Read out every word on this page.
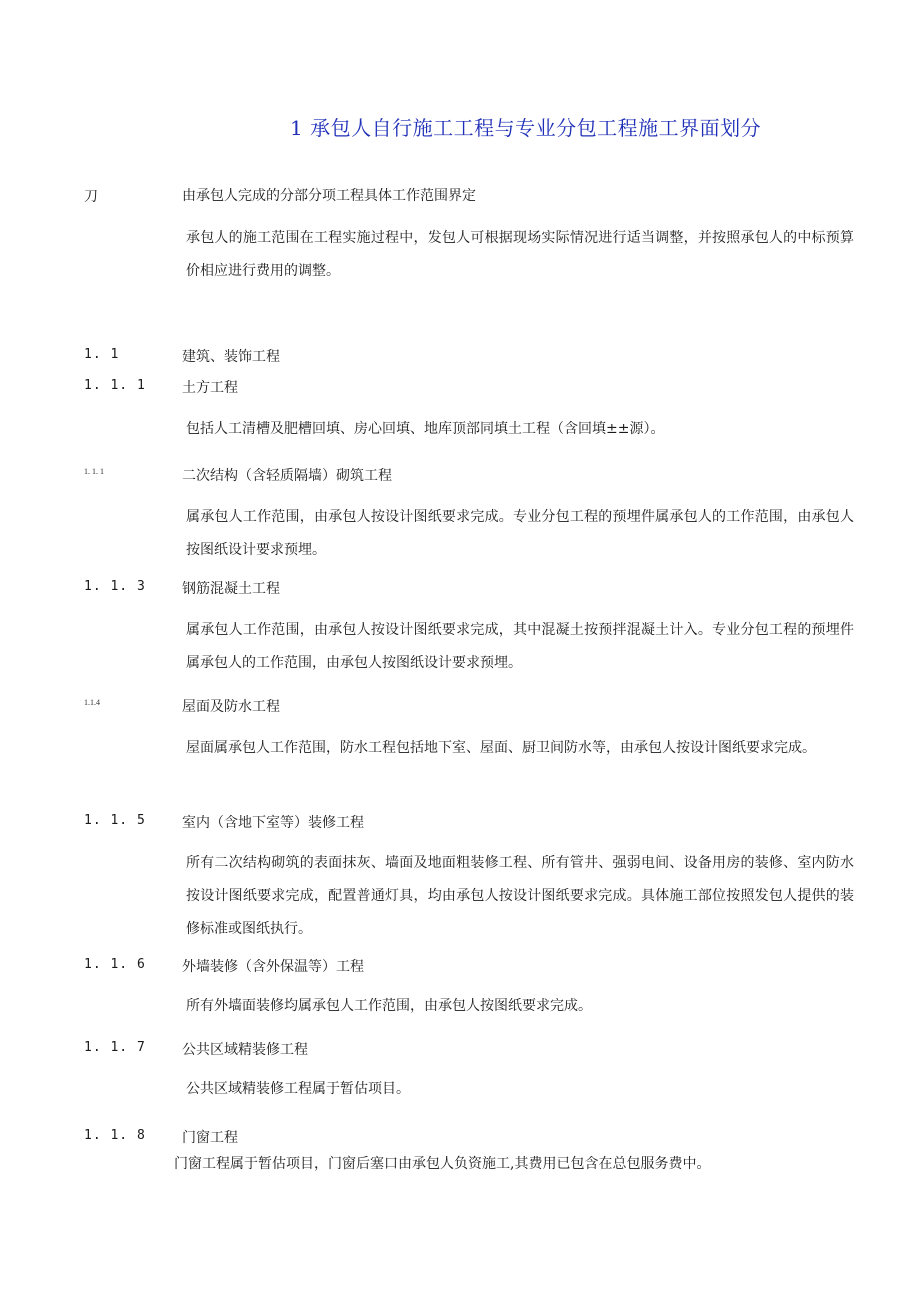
1 承包人自行施工工程与专业分包工程施工界面划分
刀	由承包人完成的分部分项工程具体工作范围界定
承包人的施工范围在工程实施过程中，发包人可根据现场实际情况进行适当调整，并按照承包人的中标预算价相应进行费用的调整。
1. 1	建筑、装饰工程
1. 1. 1	土方工程
包括人工清槽及肥槽回填、房心回填、地库顶部同填土工程（含回填±±源）。
1. 1. 1	二次结构（含轻质隔墙）砌筑工程
属承包人工作范围，由承包人按设计图纸要求完成。专业分包工程的预埋件属承包人的工作范围，由承包人按图纸设计要求预埋。
1. 1. 3	钢筋混凝土工程
属承包人工作范围，由承包人按设计图纸要求完成，其中混凝土按预拌混凝土计入。专业分包工程的预埋件属承包人的工作范围，由承包人按图纸设计要求预埋。
1.1.4	屋面及防水工程
屋面属承包人工作范围，防水工程包括地下室、屋面、厨卫间防水等，由承包人按设计图纸要求完成。
1. 1. 5	室内（含地下室等）装修工程
所有二次结构砌筑的表面抹灰、墙面及地面粗装修工程、所有管井、强弱电间、设备用房的装修、室内防水按设计图纸要求完成，配置普通灯具，均由承包人按设计图纸要求完成。具体施工部位按照发包人提供的装修标准或图纸执行。
1. 1. 6	外墙装修（含外保温等）工程
所有外墙面装修均属承包人工作范围，由承包人按图纸要求完成。
1. 1. 7	公共区域精装修工程
公共区域精装修工程属于暂估项目。
1. 1. 8	门窗工程
门窗工程属于暂估项目，门窗后塞口由承包人负资施工,其费用已包含在总包服务费中。
